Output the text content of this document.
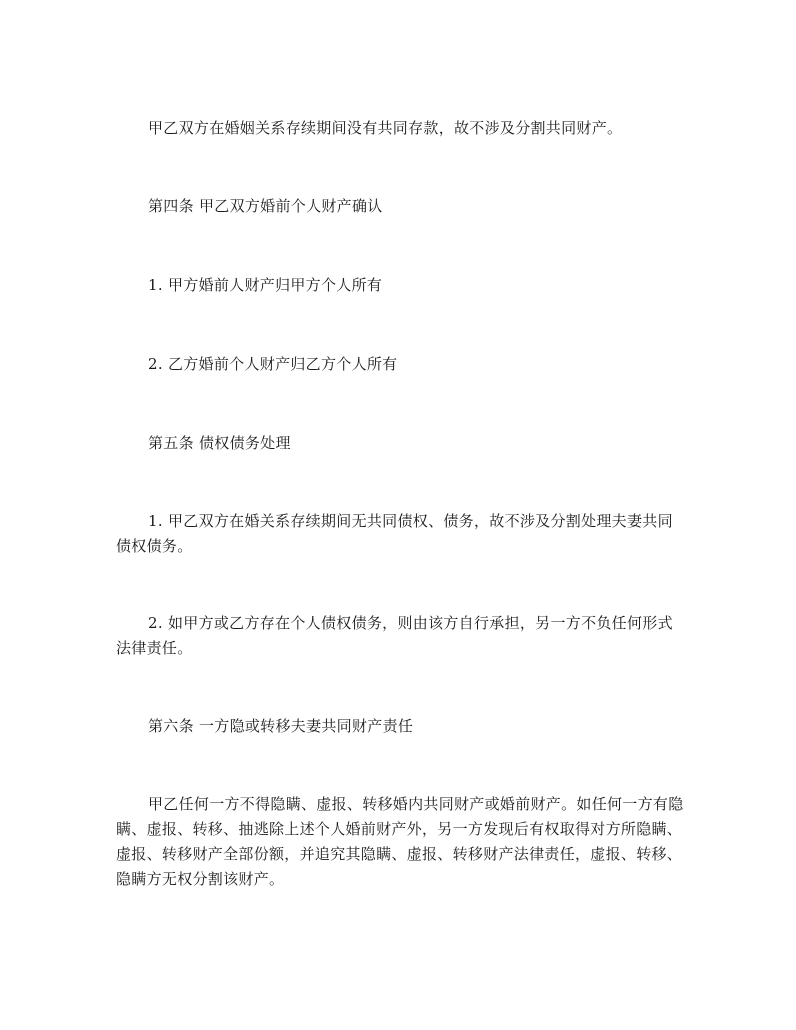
甲乙双方在婚姻关系存续期间没有共同存款，故不涉及分割共同财产。

第四条 甲乙双方婚前个人财产确认

1. 甲方婚前人财产归甲方个人所有

2. 乙方婚前个人财产归乙方个人所有

第五条 债权债务处理

1. 甲乙双方在婚关系存续期间无共同债权、债务，故不涉及分割处理夫妻共同债权债务。

2. 如甲方或乙方存在个人债权债务，则由该方自行承担，另一方不负任何形式法律责任。

第六条 一方隐或转移夫妻共同财产责任

甲乙任何一方不得隐瞒、虚报、转移婚内共同财产或婚前财产。如任何一方有隐瞒、虚报、转移、抽逃除上述个人婚前财产外，另一方发现后有权取得对方所隐瞒、虚报、转移财产全部份额，并追究其隐瞒、虚报、转移财产法律责任，虚报、转移、隐瞒方无权分割该财产。
